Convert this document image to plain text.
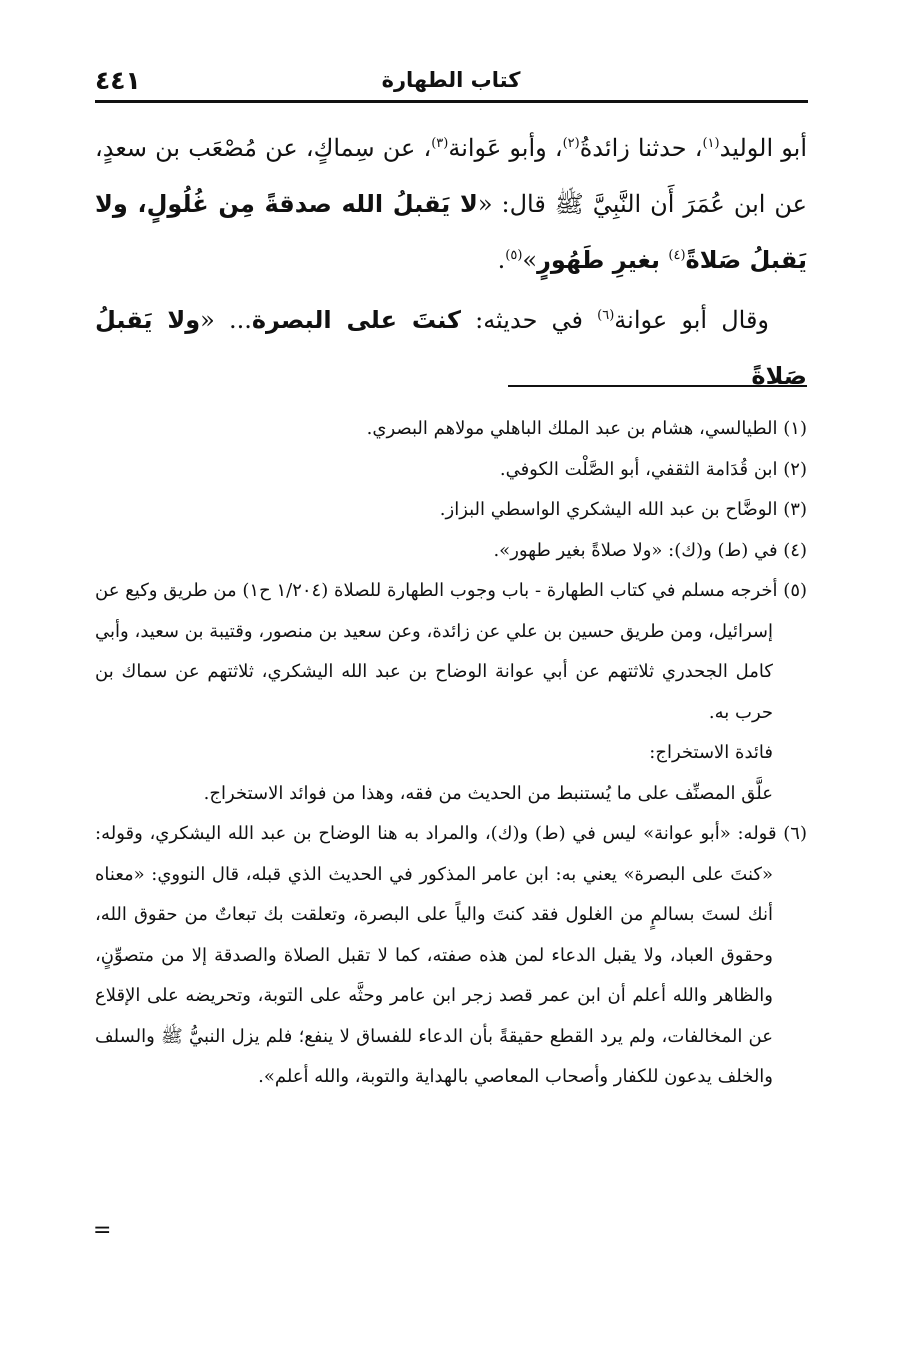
٤٤١	كتاب الطهارة

أبو الوليد$^{(١)}$، حدثنا زائدةُ$^{(٢)}$، وأبو عَوانة$^{(٣)}$، عن سِماكٍ، عن مُصْعَب بن سعدٍ، عن ابن عُمَرَ أَن النَّبِيَّ ﷺ قال: «لا يَقبلُ الله صدقةً مِن غُلُولٍ، ولا يَقبلُ صَلاةً$^{(٤)}$ بغيرِ طَهُورٍ»$^{(٥)}$.

وقال أبو عوانة$^{(٦)}$ في حديثه: كنتَ على البصرة... «ولا يَقبلُ صَلاةً

(١) الطيالسي، هشام بن عبد الملك الباهلي مولاهم البصري.

(٢) ابن قُدَامة الثقفي، أبو الصَّلْت الكوفي.

(٣) الوضَّاح بن عبد الله اليشكري الواسطي البزاز.

(٤) في (ط) و(ك): «ولا صلاةً بغير طهور».

(٥) أخرجه مسلم في كتاب الطهارة - باب وجوب الطهارة للصلاة (١/٢٠٤ ح١) من طريق وكيع عن إسرائيل، ومن طريق حسين بن علي عن زائدة، وعن سعيد بن منصور، وقتيبة بن سعيد، وأبي كامل الجحدري ثلاثتهم عن أبي عوانة الوضاح بن عبد الله اليشكري، ثلاثتهم عن سماك بن حرب به.

فائدة الاستخراج:

علَّق المصنِّف على ما يُستنبط من الحديث من فقه، وهذا من فوائد الاستخراج.

(٦) قوله: «أبو عوانة» ليس في (ط) و(ك)، والمراد به هنا الوضاح بن عبد الله اليشكري، وقوله: «كنتَ على البصرة» يعني به: ابن عامر المذكور في الحديث الذي قبله، قال النووي: «معناه أنك لستَ بسالمٍ من الغلول فقد كنتَ والياً على البصرة، وتعلقت بك تبعاتٌ من حقوق الله، وحقوق العباد، ولا يقبل الدعاء لمن هذه صفته، كما لا تقبل الصلاة والصدقة إلا من متصوِّنٍ، والظاهر والله أعلم أن ابن عمر قصد زجر ابن عامر وحثَّه على التوبة، وتحريضه على الإقلاع عن المخالفات، ولم يرد القطع حقيقةً بأن الدعاء للفساق لا ينفع؛ فلم يزل النبيُّ ﷺ والسلف والخلف يدعون للكفار وأصحاب المعاصي بالهداية والتوبة، والله أعلم».

=
